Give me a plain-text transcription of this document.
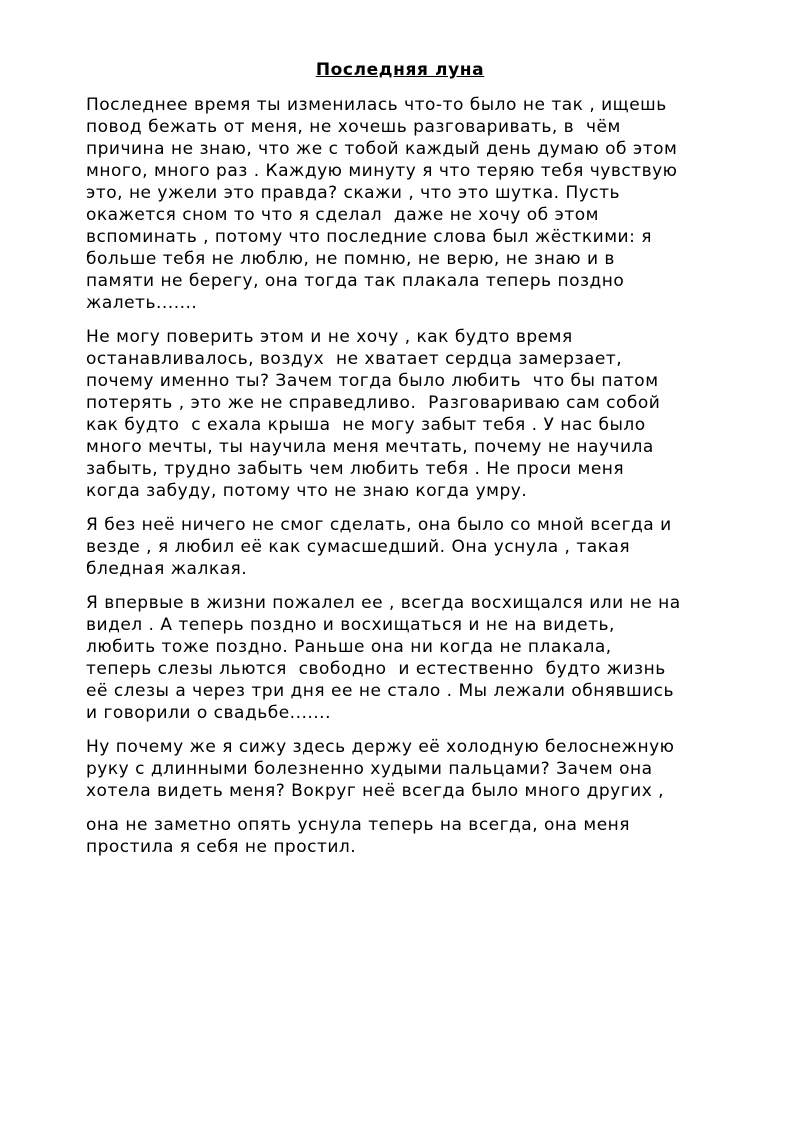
Последняя луна
Последнее время ты изменилась что-то было не так , ищешь
повод бежать от меня, не хочешь разговаривать, в  чём
причина не знаю, что же с тобой каждый день думаю об этом
много, много раз . Каждую минуту я что теряю тебя чувствую
это, не ужели это правда? скажи , что это шутка. Пусть
окажется сном то что я сделал  даже не хочу об этом
вспоминать , потому что последние слова был жёсткими: я
больше тебя не люблю, не помню, не верю, не знаю и в
памяти не берегу, она тогда так плакала теперь поздно
жалеть.......
Не могу поверить этом и не хочу , как будто время
останавливалось, воздух  не хватает сердца замерзает,
почему именно ты? Зачем тогда было любить  что бы патом
потерять , это же не справедливо.  Разговариваю сам собой
как будто  с ехала крыша  не могу забыт тебя . У нас было
много мечты, ты научила меня мечтать, почему не научила
забыть, трудно забыть чем любить тебя . Не проси меня
когда забуду, потому что не знаю когда умру.
Я без неё ничего не смог сделать, она было со мной всегда и
везде , я любил её как сумасшедший. Она уснула , такая
бледная жалкая.
Я впервые в жизни пожалел ее , всегда восхищался или не на
видел . А теперь поздно и восхищаться и не на видеть,
любить тоже поздно. Раньше она ни когда не плакала,
теперь слезы льются  свободно  и естественно  будто жизнь
её слезы а через три дня ее не стало . Мы лежали обнявшись
и говорили о свадьбе.......
Ну почему же я сижу здесь держу её холодную белоснежную
руку с длинными болезненно худыми пальцами? Зачем она
хотела видеть меня? Вокруг неё всегда было много других ,
она не заметно опять уснула теперь на всегда, она меня
простила я себя не простил.
